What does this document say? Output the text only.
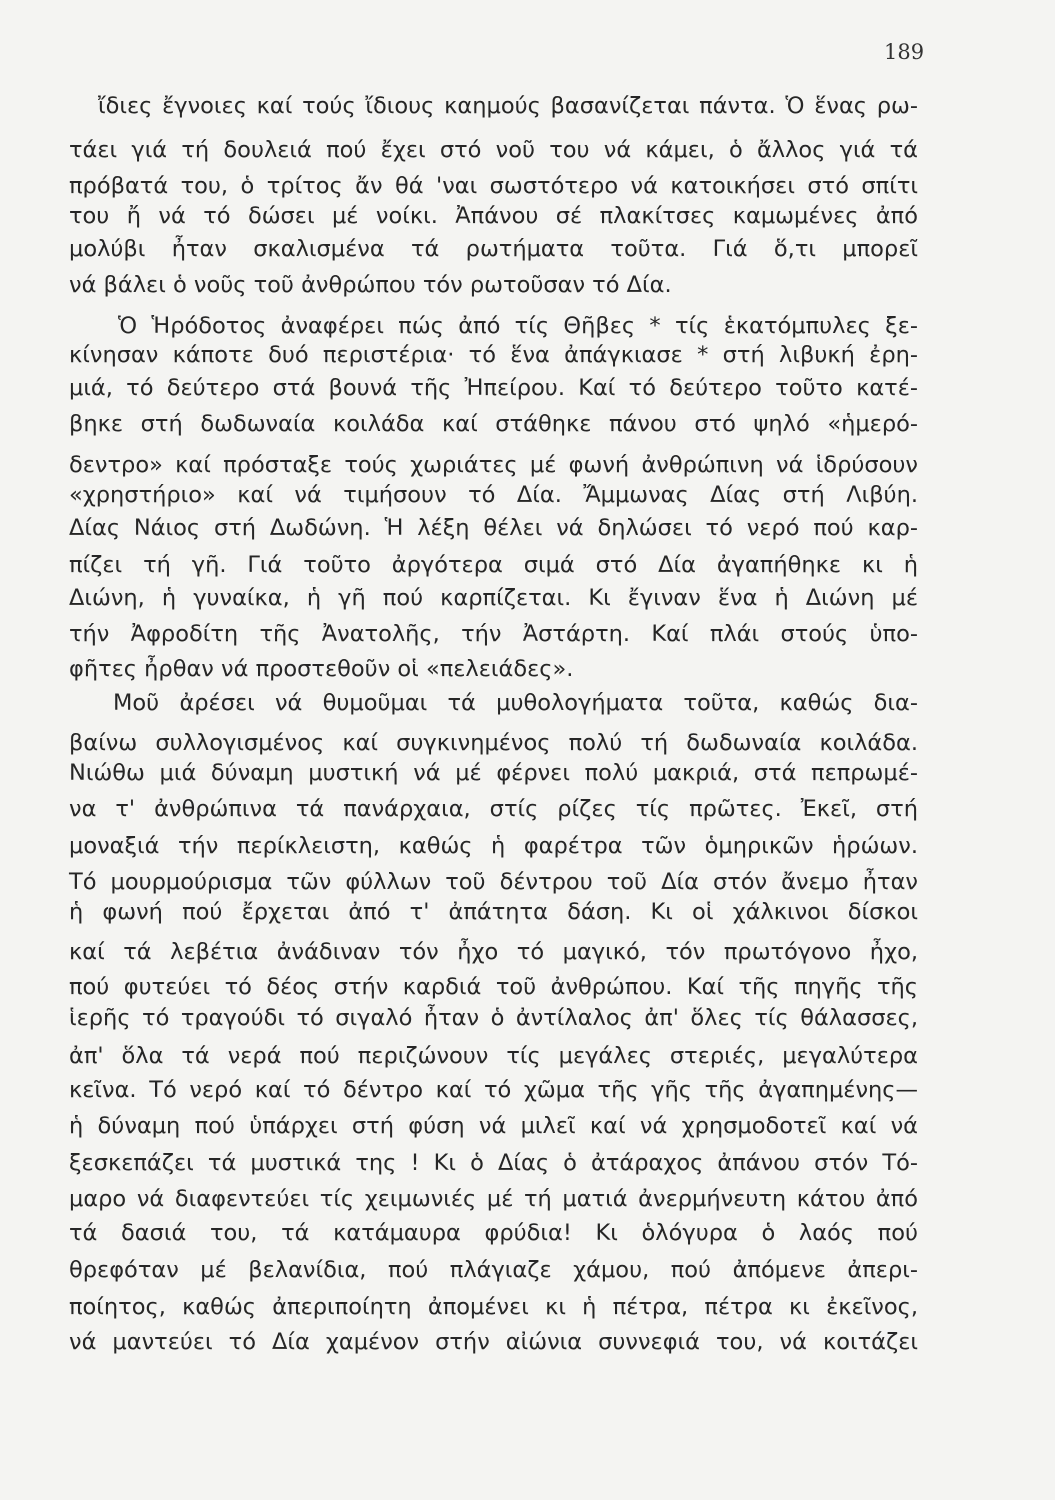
189
ἴδιες ἔγνοιες καί τούς ἴδιους καημούς βασανίζεται πάντα. Ὁ ἕνας ρω-
τάει γιά τή δουλειά πού ἔχει στό νοῦ του νά κάμει, ὁ ἄλλος γιά τά
πρόβατά του, ὁ τρίτος ἄν θά 'ναι σωστότερο νά κατοικήσει στό σπίτι
του ἤ νά τό δώσει μέ νοίκι. Ἀπάνου σέ πλακίτσες καμωμένες ἀπό
μολύβι ἦταν σκαλισμένα τά ρωτήματα τοῦτα. Γιά ὅ,τι μπορεῖ
νά βάλει ὁ νοῦς τοῦ ἀνθρώπου τόν ρωτοῦσαν τό Δία.
Ὁ Ἡρόδοτος ἀναφέρει πώς ἀπό τίς Θῆβες * τίς ἑκατόμπυλες ξε-
κίνησαν κάποτε δυό περιστέρια· τό ἕνα ἀπάγκιασε * στή λιβυκή ἐρη-
μιά, τό δεύτερο στά βουνά τῆς Ἠπείρου. Καί τό δεύτερο τοῦτο κατέ-
βηκε στή δωδωναία κοιλάδα καί στάθηκε πάνου στό ψηλό «ἡμερό-
δεντρο» καί πρόσταξε τούς χωριάτες μέ φωνή ἀνθρώπινη νά ἱδρύσουν
«χρηστήριο» καί νά τιμήσουν τό Δία. Ἄμμωνας Δίας στή Λιβύη.
Δίας Νάιος στή Δωδώνη. Ἡ λέξη θέλει νά δηλώσει τό νερό πού καρ-
πίζει τή γῆ. Γιά τοῦτο ἀργότερα σιμά στό Δία ἀγαπήθηκε κι ἡ
Διώνη, ἡ γυναίκα, ἡ γῆ πού καρπίζεται. Κι ἔγιναν ἕνα ἡ Διώνη μέ
τήν Ἀφροδίτη τῆς Ἀνατολῆς, τήν Ἀστάρτη. Καί πλάι στούς ὑπο-
φῆτες ἦρθαν νά προστεθοῦν οἱ «πελειάδες».
Μοῦ ἀρέσει νά θυμοῦμαι τά μυθολογήματα τοῦτα, καθώς δια-
βαίνω συλλογισμένος καί συγκινημένος πολύ τή δωδωναία κοιλάδα.
Νιώθω μιά δύναμη μυστική νά μέ φέρνει πολύ μακριά, στά πεπρωμέ-
να τ' ἀνθρώπινα τά πανάρχαια, στίς ρίζες τίς πρῶτες. Ἐκεῖ, στή
μοναξιά τήν περίκλειστη, καθώς ἡ φαρέτρα τῶν ὁμηρικῶν ἡρώων.
Τό μουρμούρισμα τῶν φύλλων τοῦ δέντρου τοῦ Δία στόν ἄνεμο ἦταν
ἡ φωνή πού ἔρχεται ἀπό τ' ἀπάτητα δάση. Κι οἱ χάλκινοι δίσκοι
καί τά λεβέτια ἀνάδιναν τόν ἦχο τό μαγικό, τόν πρωτόγονο ἦχο,
πού φυτεύει τό δέος στήν καρδιά τοῦ ἀνθρώπου. Καί τῆς πηγῆς τῆς
ἱερῆς τό τραγούδι τό σιγαλό ἦταν ὁ ἀντίλαλος ἀπ' ὅλες τίς θάλασσες,
ἀπ' ὅλα τά νερά πού περιζώνουν τίς μεγάλες στεριές, μεγαλύτερα
κεῖνα. Τό νερό καί τό δέντρο καί τό χῶμα τῆς γῆς τῆς ἀγαπημένης—
ἡ δύναμη πού ὑπάρχει στή φύση νά μιλεῖ καί νά χρησμοδοτεῖ καί νά
ξεσκεπάζει τά μυστικά της ! Κι ὁ Δίας ὁ ἀτάραχος ἀπάνου στόν Τό-
μαρο νά διαφεντεύει τίς χειμωνιές μέ τή ματιά ἀνερμήνευτη κάτου ἀπό
τά δασιά του, τά κατάμαυρα φρύδια! Κι ὁλόγυρα ὁ λαός πού
θρεφόταν μέ βελανίδια, πού πλάγιαζε χάμου, πού ἀπόμενε ἀπερι-
ποίητος, καθώς ἀπεριποίητη ἀπομένει κι ἡ πέτρα, πέτρα κι ἐκεῖνος,
νά μαντεύει τό Δία χαμένον στήν αἰώνια συννεφιά του, νά κοιτάζει
